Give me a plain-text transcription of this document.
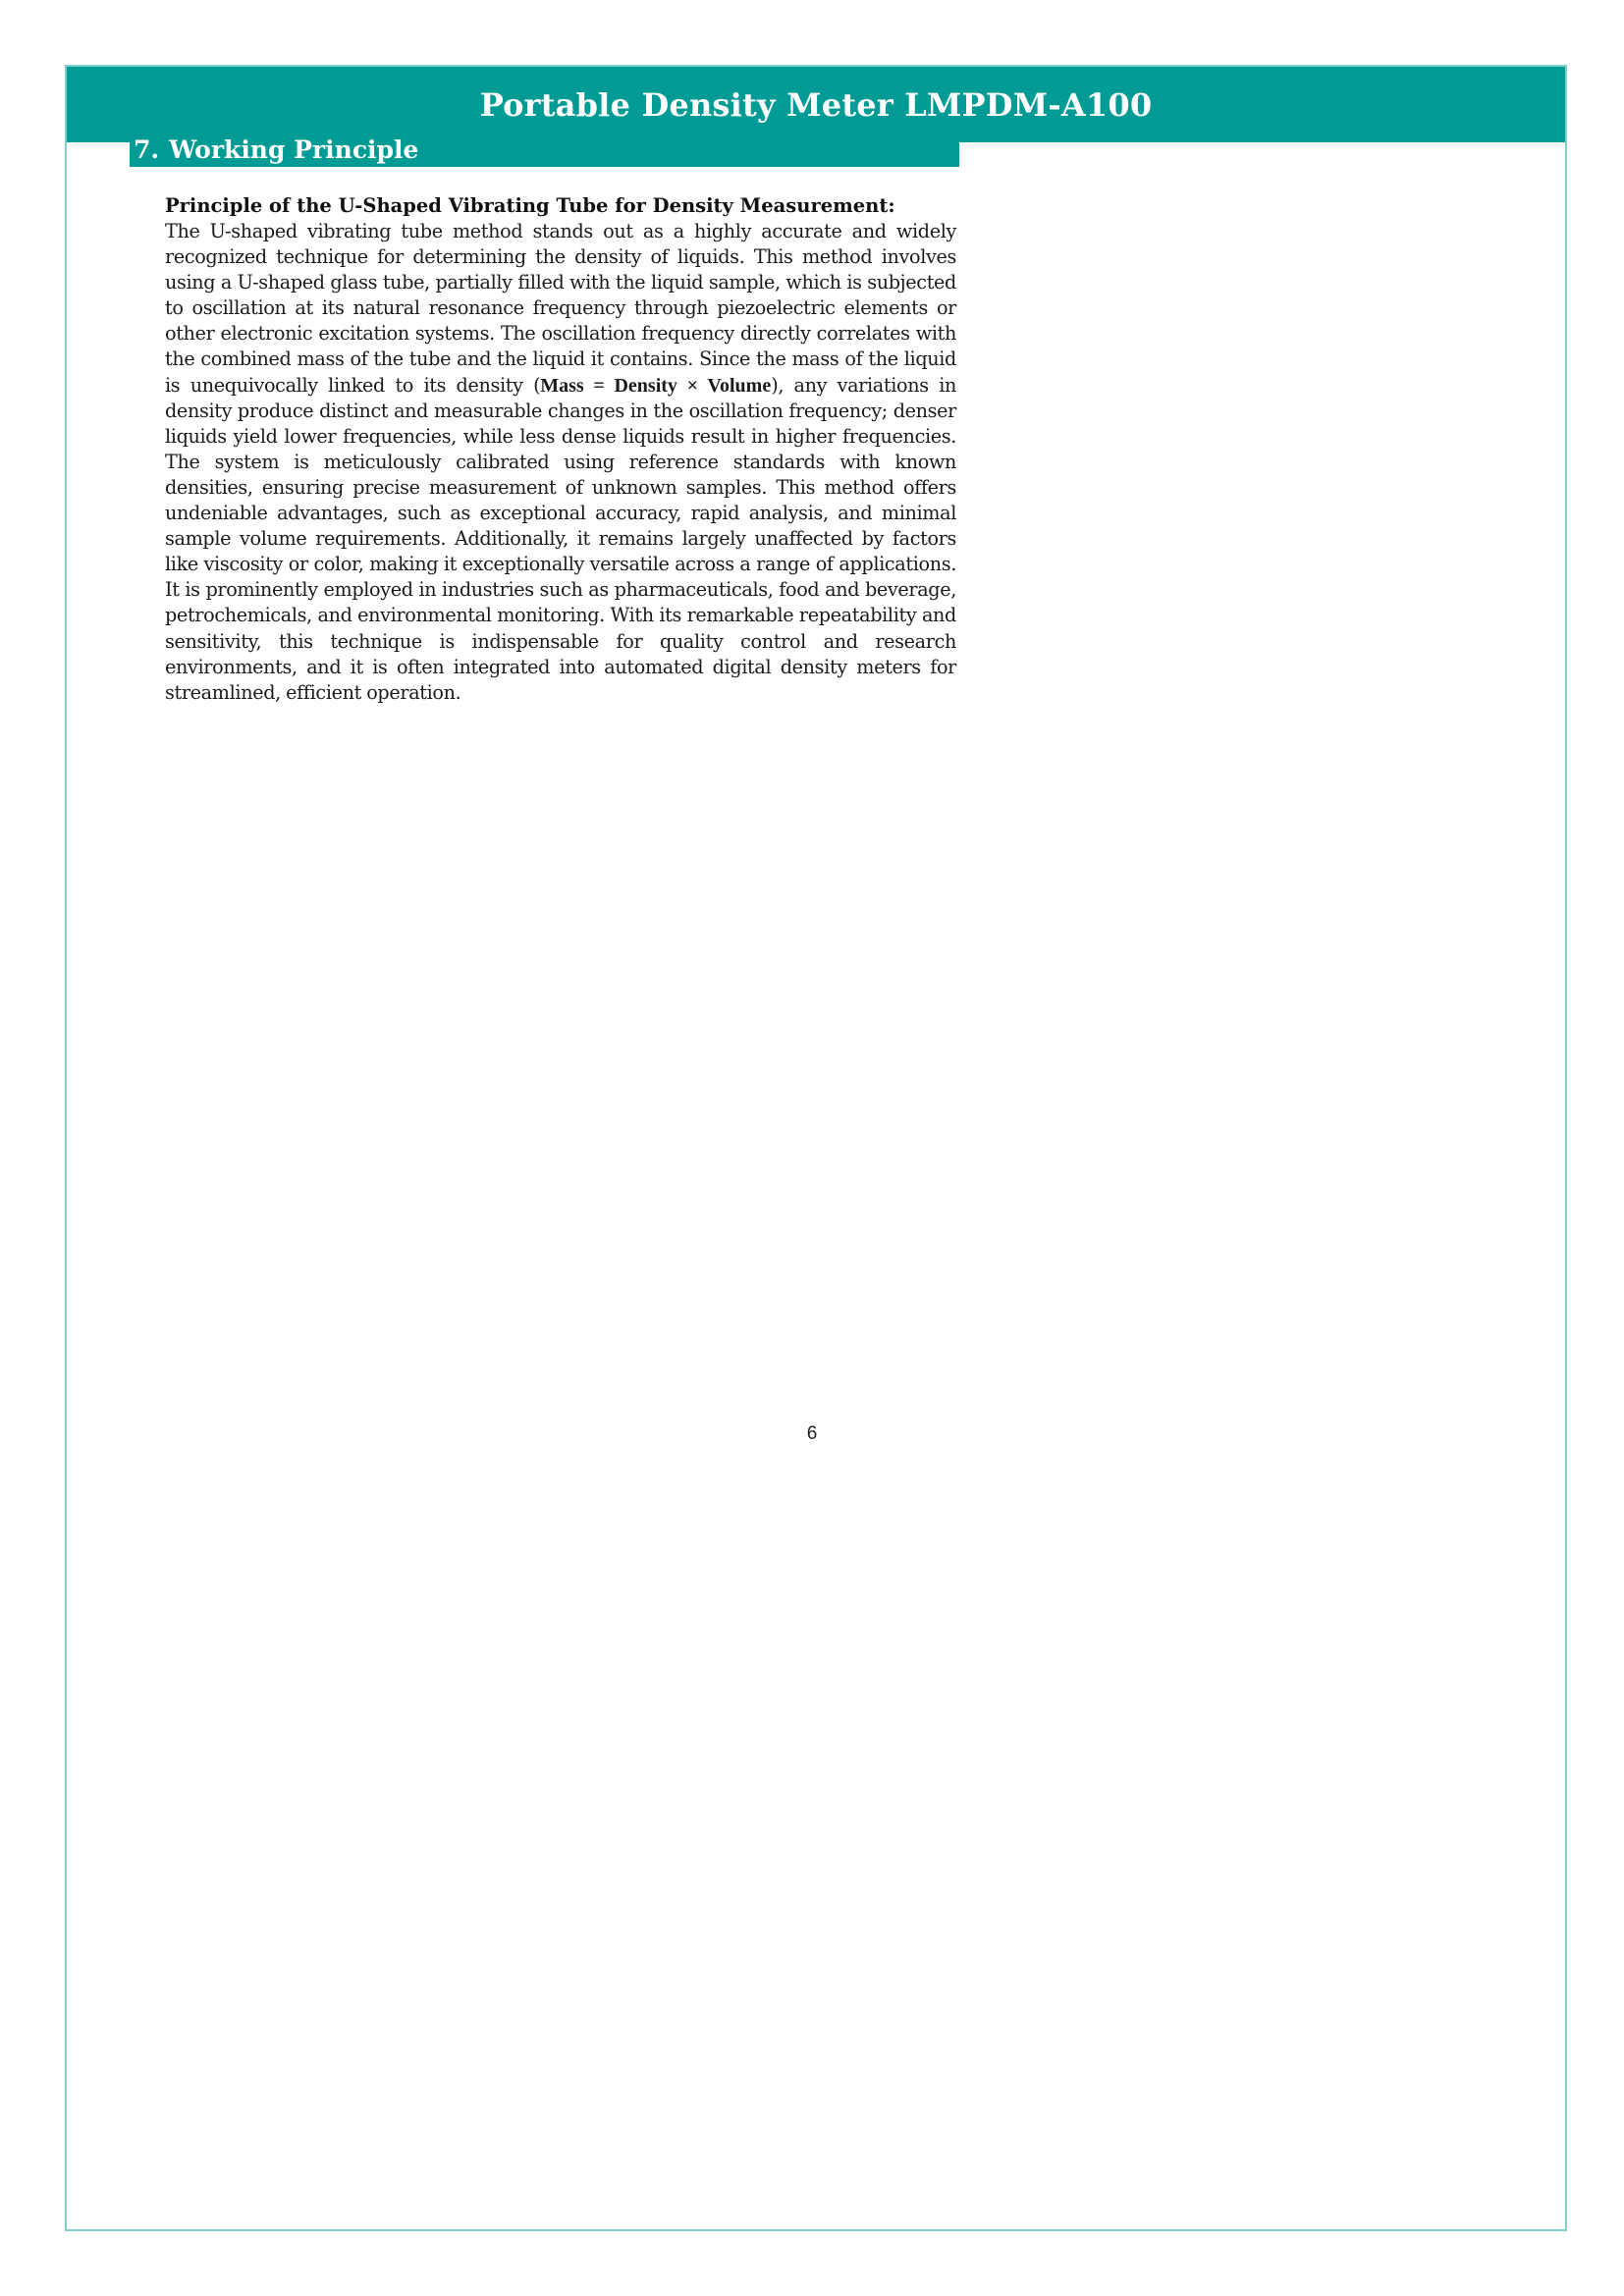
Portable Density Meter LMPDM-A100
7. Working Principle

Principle of the U-Shaped Vibrating Tube for Density Measurement:

The U-shaped vibrating tube method stands out as a highly accurate and widely recognized technique for determining the density of liquids. This method involves using a U-shaped glass tube, partially filled with the liquid sample, which is subjected to oscillation at its natural resonance frequency through piezoelectric elements or other electronic excitation systems. The oscillation frequency directly correlates with the combined mass of the tube and the liquid it contains. Since the mass of the liquid is unequivocally linked to its density (Mass = Density × Volume), any variations in density produce distinct and measurable changes in the oscillation frequency; denser liquids yield lower frequencies, while less dense liquids result in higher frequencies. The system is meticulously calibrated using reference standards with known densities, ensuring precise measurement of unknown samples. This method offers undeniable advantages, such as exceptional accuracy, rapid analysis, and minimal sample volume requirements. Additionally, it remains largely unaffected by factors like viscosity or color, making it exceptionally versatile across a range of applications. It is prominently employed in industries such as pharmaceuticals, food and beverage, petrochemicals, and environmental monitoring. With its remarkable repeatability and sensitivity, this technique is indispensable for quality control and research environments, and it is often integrated into automated digital density meters for streamlined, efficient operation.

6
